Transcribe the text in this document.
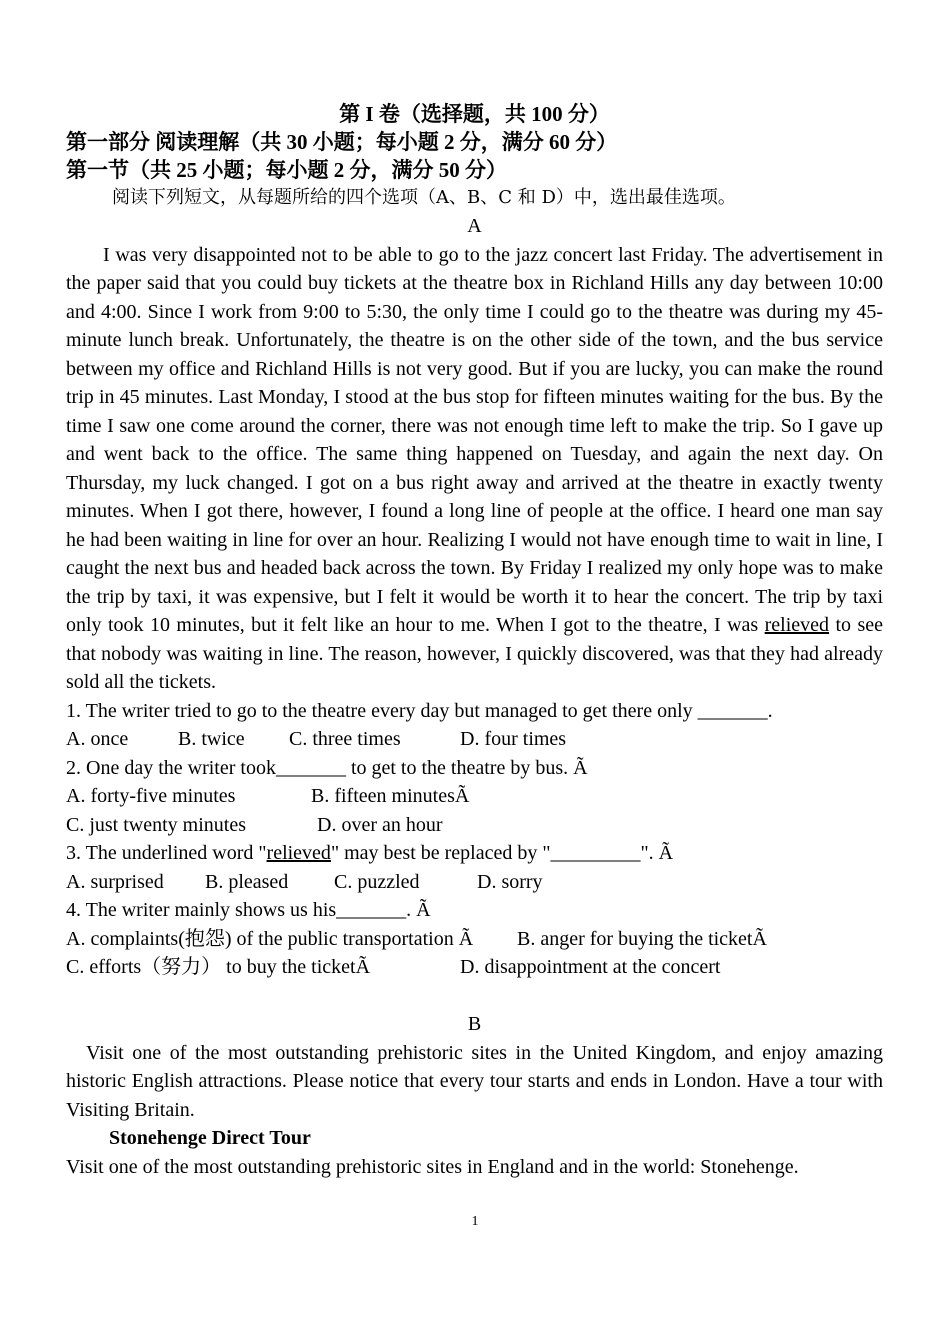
第 I 卷（选择题，共 100 分）

第一部分 阅读理解（共 30 小题；每小题 2 分，满分 60 分）

第一节（共 25 小题；每小题 2 分，满分 50 分）

阅读下列短文，从每题所给的四个选项（A、B、C 和 D）中，选出最佳选项。

A

I was very disappointed not to be able to go to the jazz concert last Friday. The advertisement in the paper said that you could buy tickets at the theatre box in Richland Hills any day between 10:00 and 4:00. Since I work from 9:00 to 5:30, the only time I could go to the theatre was during my 45-minute lunch break. Unfortunately, the theatre is on the other side of the town, and the bus service between my office and Richland Hills is not very good. But if you are lucky, you can make the round trip in 45 minutes. Last Monday, I stood at the bus stop for fifteen minutes waiting for the bus. By the time I saw one come around the corner, there was not enough time left to make the trip. So I gave up and went back to the office. The same thing happened on Tuesday, and again the next day. On Thursday, my luck changed. I got on a bus right away and arrived at the theatre in exactly twenty minutes. When I got there, however, I found a long line of people at the office. I heard one man say he had been waiting in line for over an hour. Realizing I would not have enough time to wait in line, I caught the next bus and headed back across the town. By Friday I realized my only hope was to make the trip by taxi, it was expensive, but I felt it would be worth it to hear the concert. The trip by taxi only took 10 minutes, but it felt like an hour to me. When I got to the theatre, I was relieved to see that nobody was waiting in line. The reason, however, I quickly discovered, was that they had already sold all the tickets.

1. The writer tried to go to the theatre every day but managed to get there only _______.

A. once	B. twice	C. three times	D. four times

2. One day the writer took_______ to get to the theatre by bus. Ã

A. forty-five minutes	B. fifteen minutesÃ
C. just twenty minutes	D. over an hour

3. The underlined word "relieved" may best be replaced by "_________". Ã

A. surprised	B. pleased	C. puzzled	D. sorry

4. The writer mainly shows us his_______. Ã

A. complaints(抱怨) of the public transportation Ã	B. anger for buying the ticketÃ
C. efforts（努力） to buy the ticketÃ	D. disappointment at the concert

B

Visit one of the most outstanding prehistoric sites in the United Kingdom, and enjoy amazing historic English attractions. Please notice that every tour starts and ends in London. Have a tour with Visiting Britain.

Stonehenge Direct Tour

Visit one of the most outstanding prehistoric sites in England and in the world: Stonehenge.

1
